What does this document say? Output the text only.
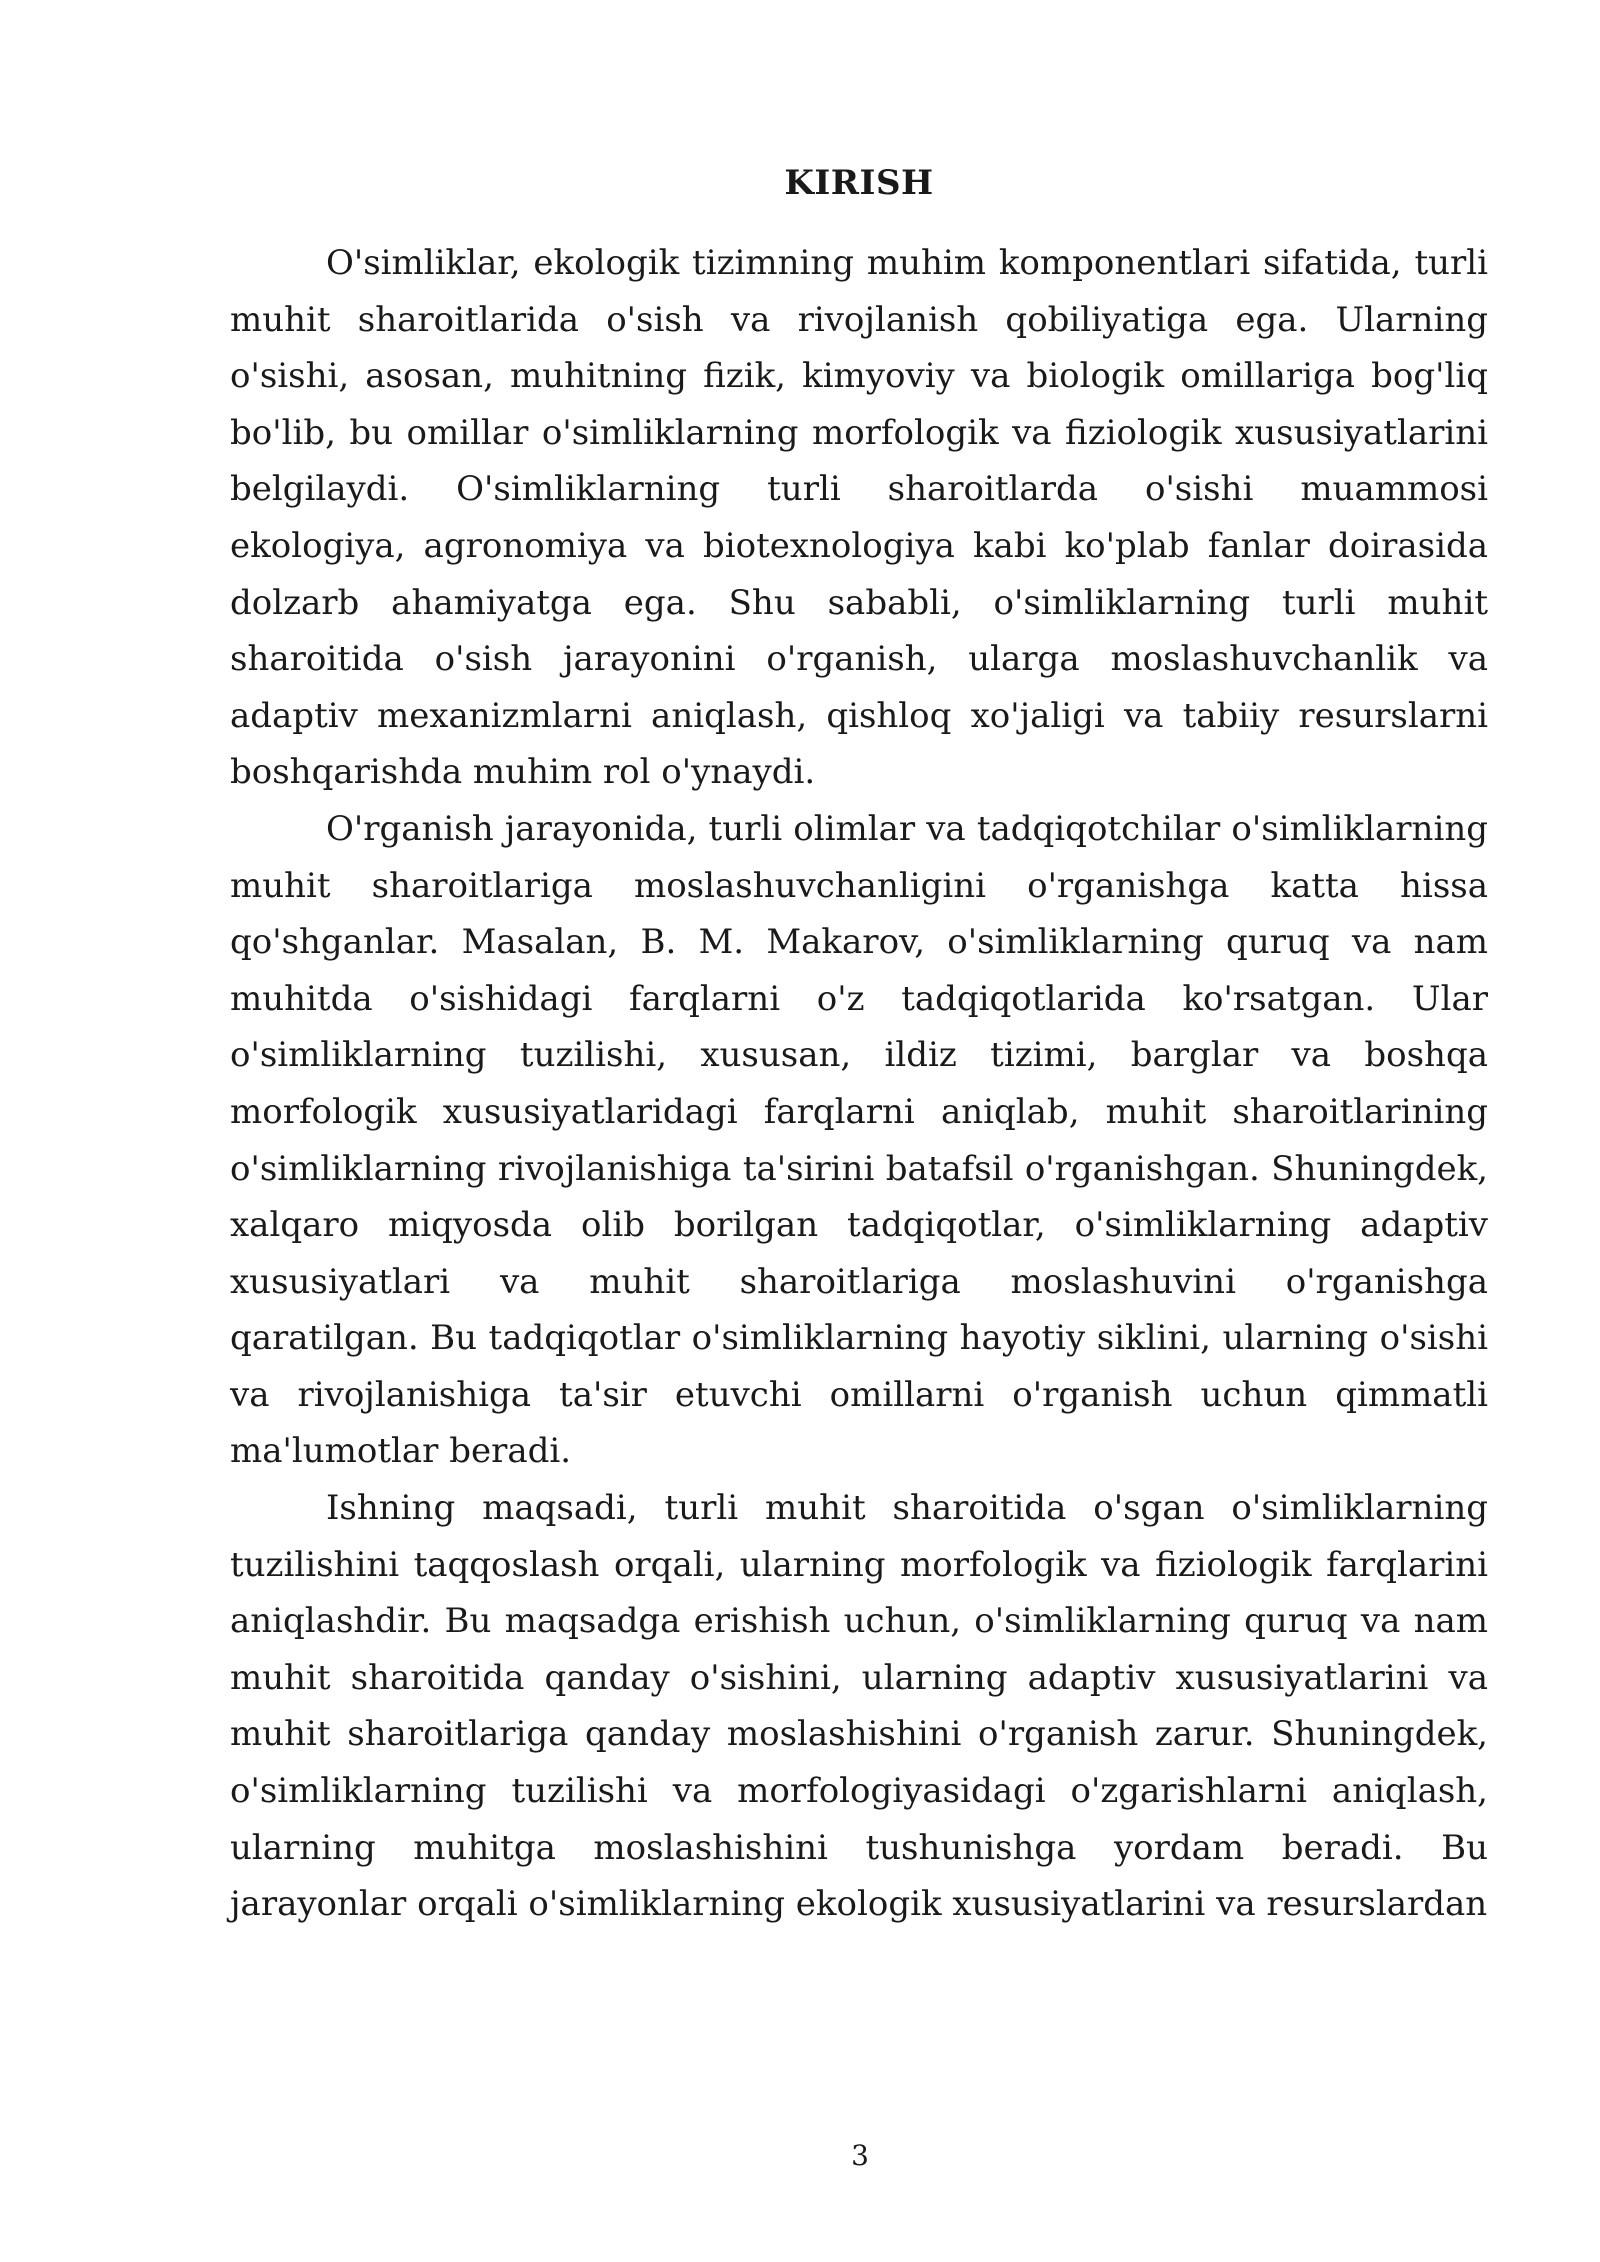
KIRISH

O'simliklar, ekologik tizimning muhim komponentlari sifatida, turli muhit sharoitlarida o'sish va rivojlanish qobiliyatiga ega. Ularning o'sishi, asosan, muhitning fizik, kimyoviy va biologik omillariga bog'liq bo'lib, bu omillar o'simliklarning morfologik va fiziologik xususiyatlarini belgilaydi. O'simliklarning turli sharoitlarda o'sishi muammosi ekologiya, agronomiya va biotexnologiya kabi ko'plab fanlar doirasida dolzarb ahamiyatga ega. Shu sababli, o'simliklarning turli muhit sharoitida o'sish jarayonini o'rganish, ularga moslashuvchanlik va adaptiv mexanizmlarni aniqlash, qishloq xo'jaligi va tabiiy resurslarni boshqarishda muhim rol o'ynaydi.

O'rganish jarayonida, turli olimlar va tadqiqotchilar o'simliklarning muhit sharoitlariga moslashuvchanligini o'rganishga katta hissa qo'shganlar. Masalan, B. M. Makarov, o'simliklarning quruq va nam muhitda o'sishidagi farqlarni o'z tadqiqotlarida ko'rsatgan. Ular o'simliklarning tuzilishi, xususan, ildiz tizimi, barglar va boshqa morfologik xususiyatlaridagi farqlarni aniqlab, muhit sharoitlarining o'simliklarning rivojlanishiga ta'sirini batafsil o'rganishgan. Shuningdek, xalqaro miqyosda olib borilgan tadqiqotlar, o'simliklarning adaptiv xususiyatlari va muhit sharoitlariga moslashuvini o'rganishga qaratilgan. Bu tadqiqotlar o'simliklarning hayotiy siklini, ularning o'sishi va rivojlanishiga ta'sir etuvchi omillarni o'rganish uchun qimmatli ma'lumotlar beradi.

Ishning maqsadi, turli muhit sharoitida o'sgan o'simliklarning tuzilishini taqqoslash orqali, ularning morfologik va fiziologik farqlarini aniqlashdir. Bu maqsadga erishish uchun, o'simliklarning quruq va nam muhit sharoitida qanday o'sishini, ularning adaptiv xususiyatlarini va muhit sharoitlariga qanday moslashishini o'rganish zarur. Shuningdek, o'simliklarning tuzilishi va morfologiyasidagi o'zgarishlarni aniqlash, ularning muhitga moslashishini tushunishga yordam beradi. Bu jarayonlar orqali o'simliklarning ekologik xususiyatlarini va resurslardan

3
